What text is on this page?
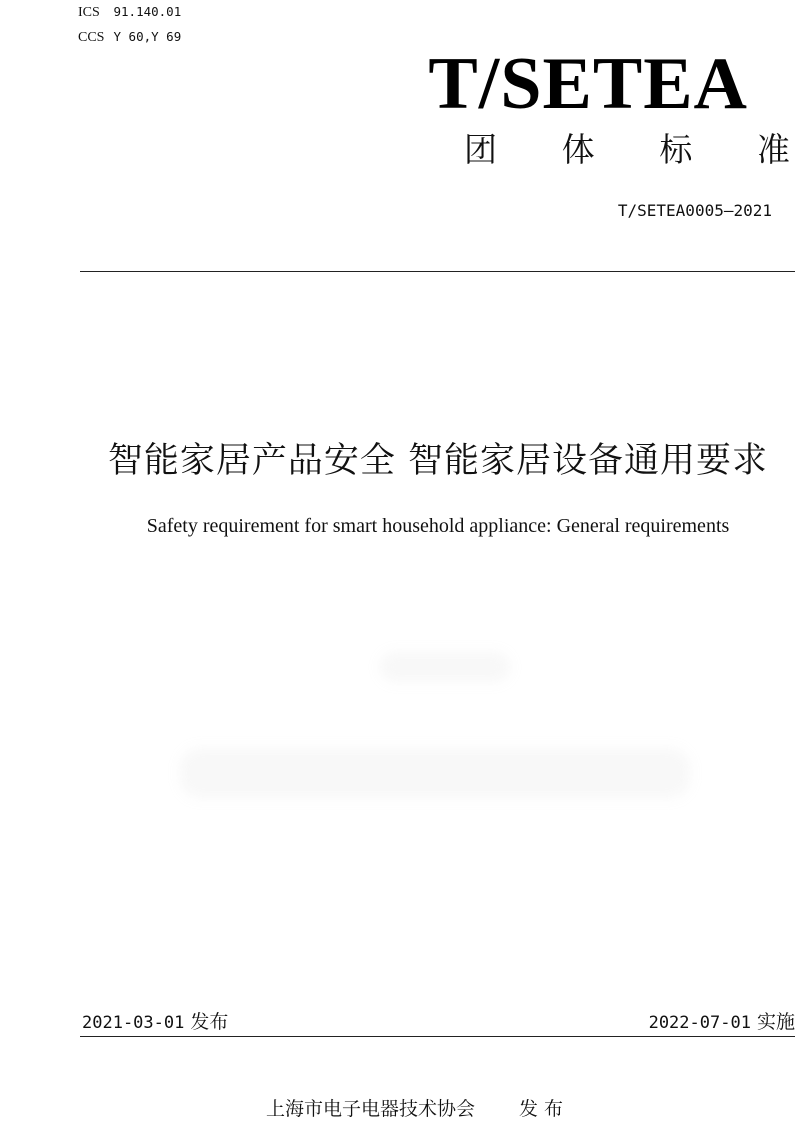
ICS 91.140.01
CCS Y 60,Y 69
T/SETEA
团 体 标 准
T/SETEA0005—2021
智能家居产品安全 智能家居设备通用要求
Safety requirement for smart household appliance: General requirements
2021-03-01 发布	2022-07-01 实施
上海市电子电器技术协会 发 布
